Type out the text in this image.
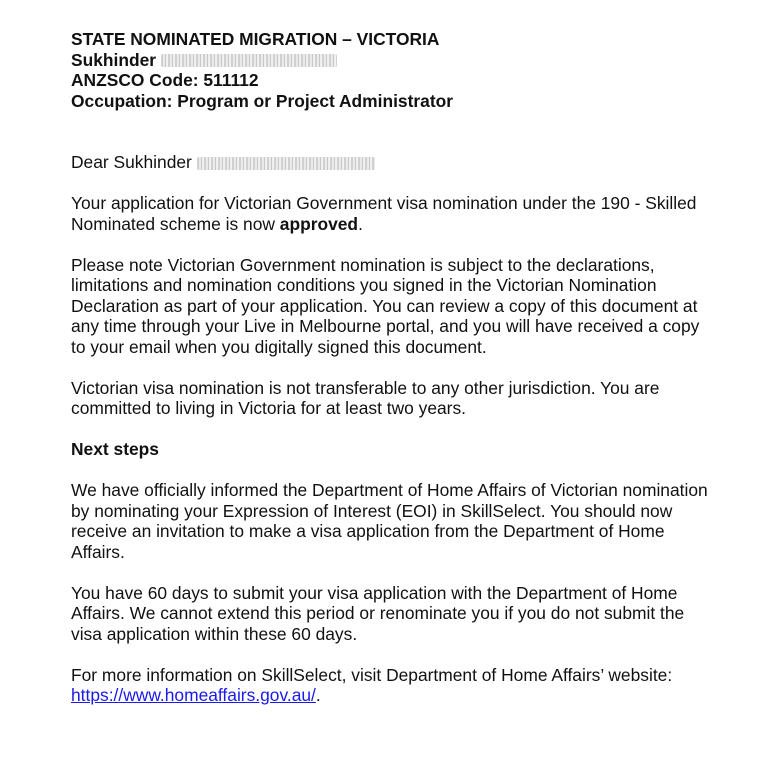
STATE NOMINATED MIGRATION – VICTORIA

Sukhinder

ANZSCO Code: 511112

Occupation: Program or Project Administrator

Dear Sukhinder

Your application for Victorian Government visa nomination under the 190 - Skilled Nominated scheme is now approved.

Please note Victorian Government nomination is subject to the declarations, limitations and nomination conditions you signed in the Victorian Nomination Declaration as part of your application. You can review a copy of this document at any time through your Live in Melbourne portal, and you will have received a copy to your email when you digitally signed this document.

Victorian visa nomination is not transferable to any other jurisdiction. You are committed to living in Victoria for at least two years.

Next steps

We have officially informed the Department of Home Affairs of Victorian nomination by nominating your Expression of Interest (EOI) in SkillSelect. You should now receive an invitation to make a visa application from the Department of Home Affairs.

You have 60 days to submit your visa application with the Department of Home Affairs. We cannot extend this period or renominate you if you do not submit the visa application within these 60 days.

For more information on SkillSelect, visit Department of Home Affairs’ website: https://www.homeaffairs.gov.au/.
